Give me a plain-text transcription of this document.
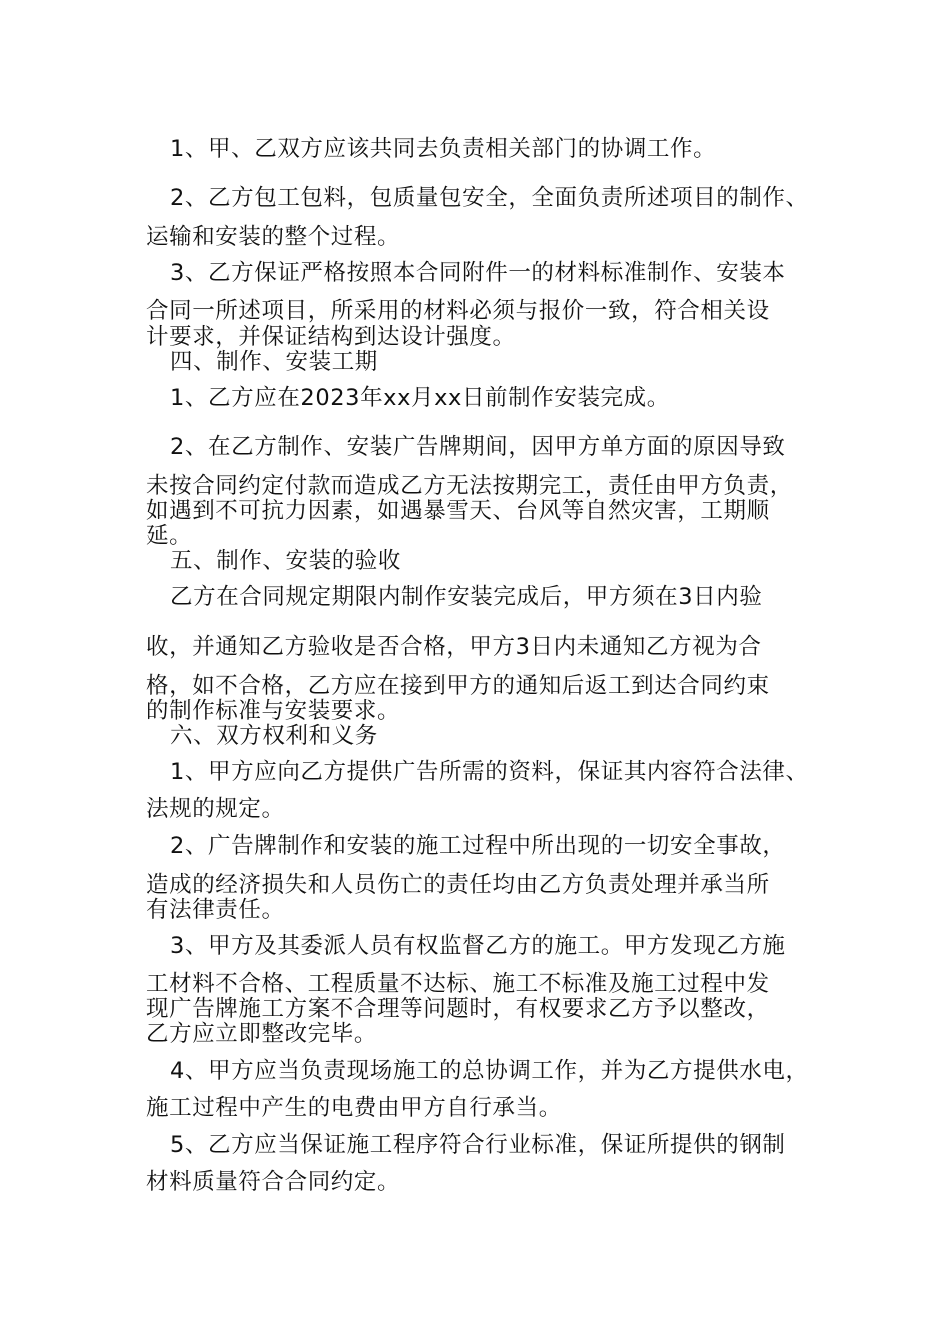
1、甲、乙双方应该共同去负责相关部门的协调工作。
2、乙方包工包料，包质量包安全，全面负责所述项目的制作、
运输和安装的整个过程。
3、乙方保证严格按照本合同附件一的材料标准制作、安装本
合同一所述项目，所采用的材料必须与报价一致，符合相关设
计要求，并保证结构到达设计强度。
四、制作、安装工期
1、乙方应在2023年xx月xx日前制作安装完成。
2、在乙方制作、安装广告牌期间，因甲方单方面的原因导致
未按合同约定付款而造成乙方无法按期完工，责任由甲方负责，
如遇到不可抗力因素，如遇暴雪天、台风等自然灾害，工期顺
延。
五、制作、安装的验收
乙方在合同规定期限内制作安装完成后，甲方须在3日内验
收，并通知乙方验收是否合格，甲方3日内未通知乙方视为合
格，如不合格，乙方应在接到甲方的通知后返工到达合同约束
的制作标准与安装要求。
六、双方权利和义务
1、甲方应向乙方提供广告所需的资料，保证其内容符合法律、
法规的规定。
2、广告牌制作和安装的施工过程中所出现的一切安全事故，
造成的经济损失和人员伤亡的责任均由乙方负责处理并承当所
有法律责任。
3、甲方及其委派人员有权监督乙方的施工。甲方发现乙方施
工材料不合格、工程质量不达标、施工不标准及施工过程中发
现广告牌施工方案不合理等问题时，有权要求乙方予以整改，
乙方应立即整改完毕。
4、甲方应当负责现场施工的总协调工作，并为乙方提供水电，
施工过程中产生的电费由甲方自行承当。
5、乙方应当保证施工程序符合行业标准，保证所提供的钢制
材料质量符合合同约定。
